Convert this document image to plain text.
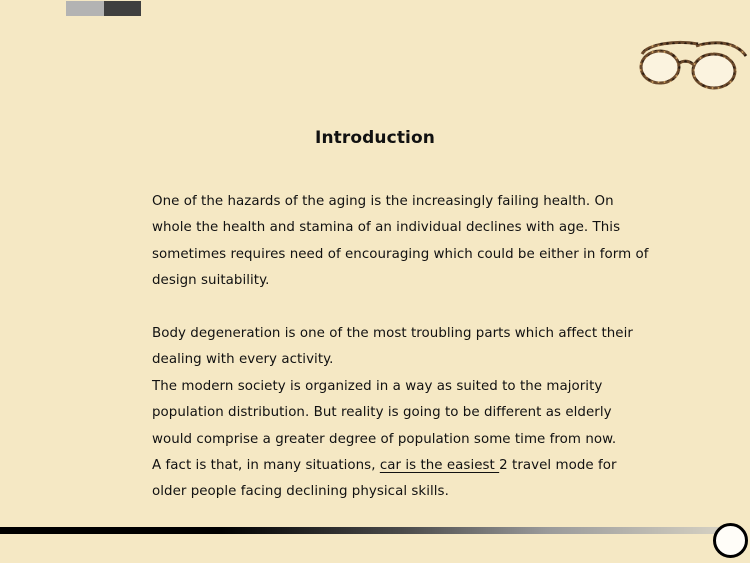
Introduction

One of the hazards of the aging is the increasingly failing health. On
whole the health and stamina of an individual declines with age. This
sometimes requires need of encouraging which could be either in form of
design suitability.

Body degeneration is one of the most troubling parts which affect their
dealing with every activity.

The modern society is organized in a way as suited to the majority
population distribution. But reality is going to be different as elderly
would comprise a greater degree of population some time from now.

A fact is that, in many situations, car is the easiest 2 travel mode for
older people facing declining physical skills.
